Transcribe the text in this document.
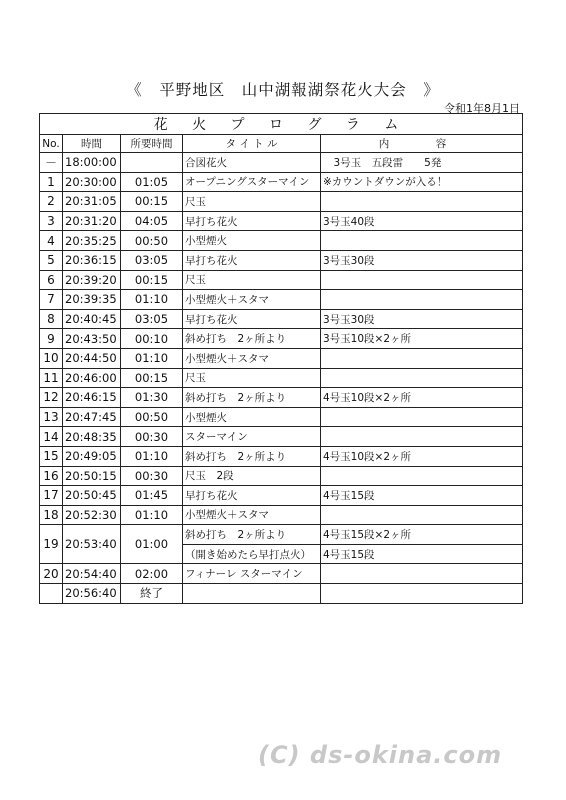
《　平野地区　山中湖報湖祭花火大会　》
令和1年8月1日
花 火 プ ロ グ ラ ム				
No.	時間	所要時間	タ イ ト ル	内　容
－	18:00:00		合図花火	　3号玉　五段雷　　5発
1	20:30:00	01:05	オープニングスターマイン	※カウントダウンが入る！
2	20:31:05	00:15	尺玉	
3	20:31:20	04:05	早打ち花火	3号玉40段
4	20:35:25	00:50	小型煙火	
5	20:36:15	03:05	早打ち花火	3号玉30段
6	20:39:20	00:15	尺玉	
7	20:39:35	01:10	小型煙火＋スタマ	
8	20:40:45	03:05	早打ち花火	3号玉30段
9	20:43:50	00:10	斜め打ち　2ヶ所より	3号玉10段×2ヶ所
10	20:44:50	01:10	小型煙火＋スタマ	
11	20:46:00	00:15	尺玉	
12	20:46:15	01:30	斜め打ち　2ヶ所より	4号玉10段×2ヶ所
13	20:47:45	00:50	小型煙火	
14	20:48:35	00:30	スターマイン	
15	20:49:05	01:10	斜め打ち　2ヶ所より	4号玉10段×2ヶ所
16	20:50:15	00:30	尺玉　2段	
17	20:50:45	01:45	早打ち花火	4号玉15段
18	20:52:30	01:10	小型煙火＋スタマ	
19	20:53:40	01:00	斜め打ち　2ヶ所より	4号玉15段×2ヶ所
			（開き始めたら早打点火）	4号玉15段
20	20:54:40	02:00	フィナーレ スターマイン	
	20:56:40	終了		
(C) ds-okina.com
